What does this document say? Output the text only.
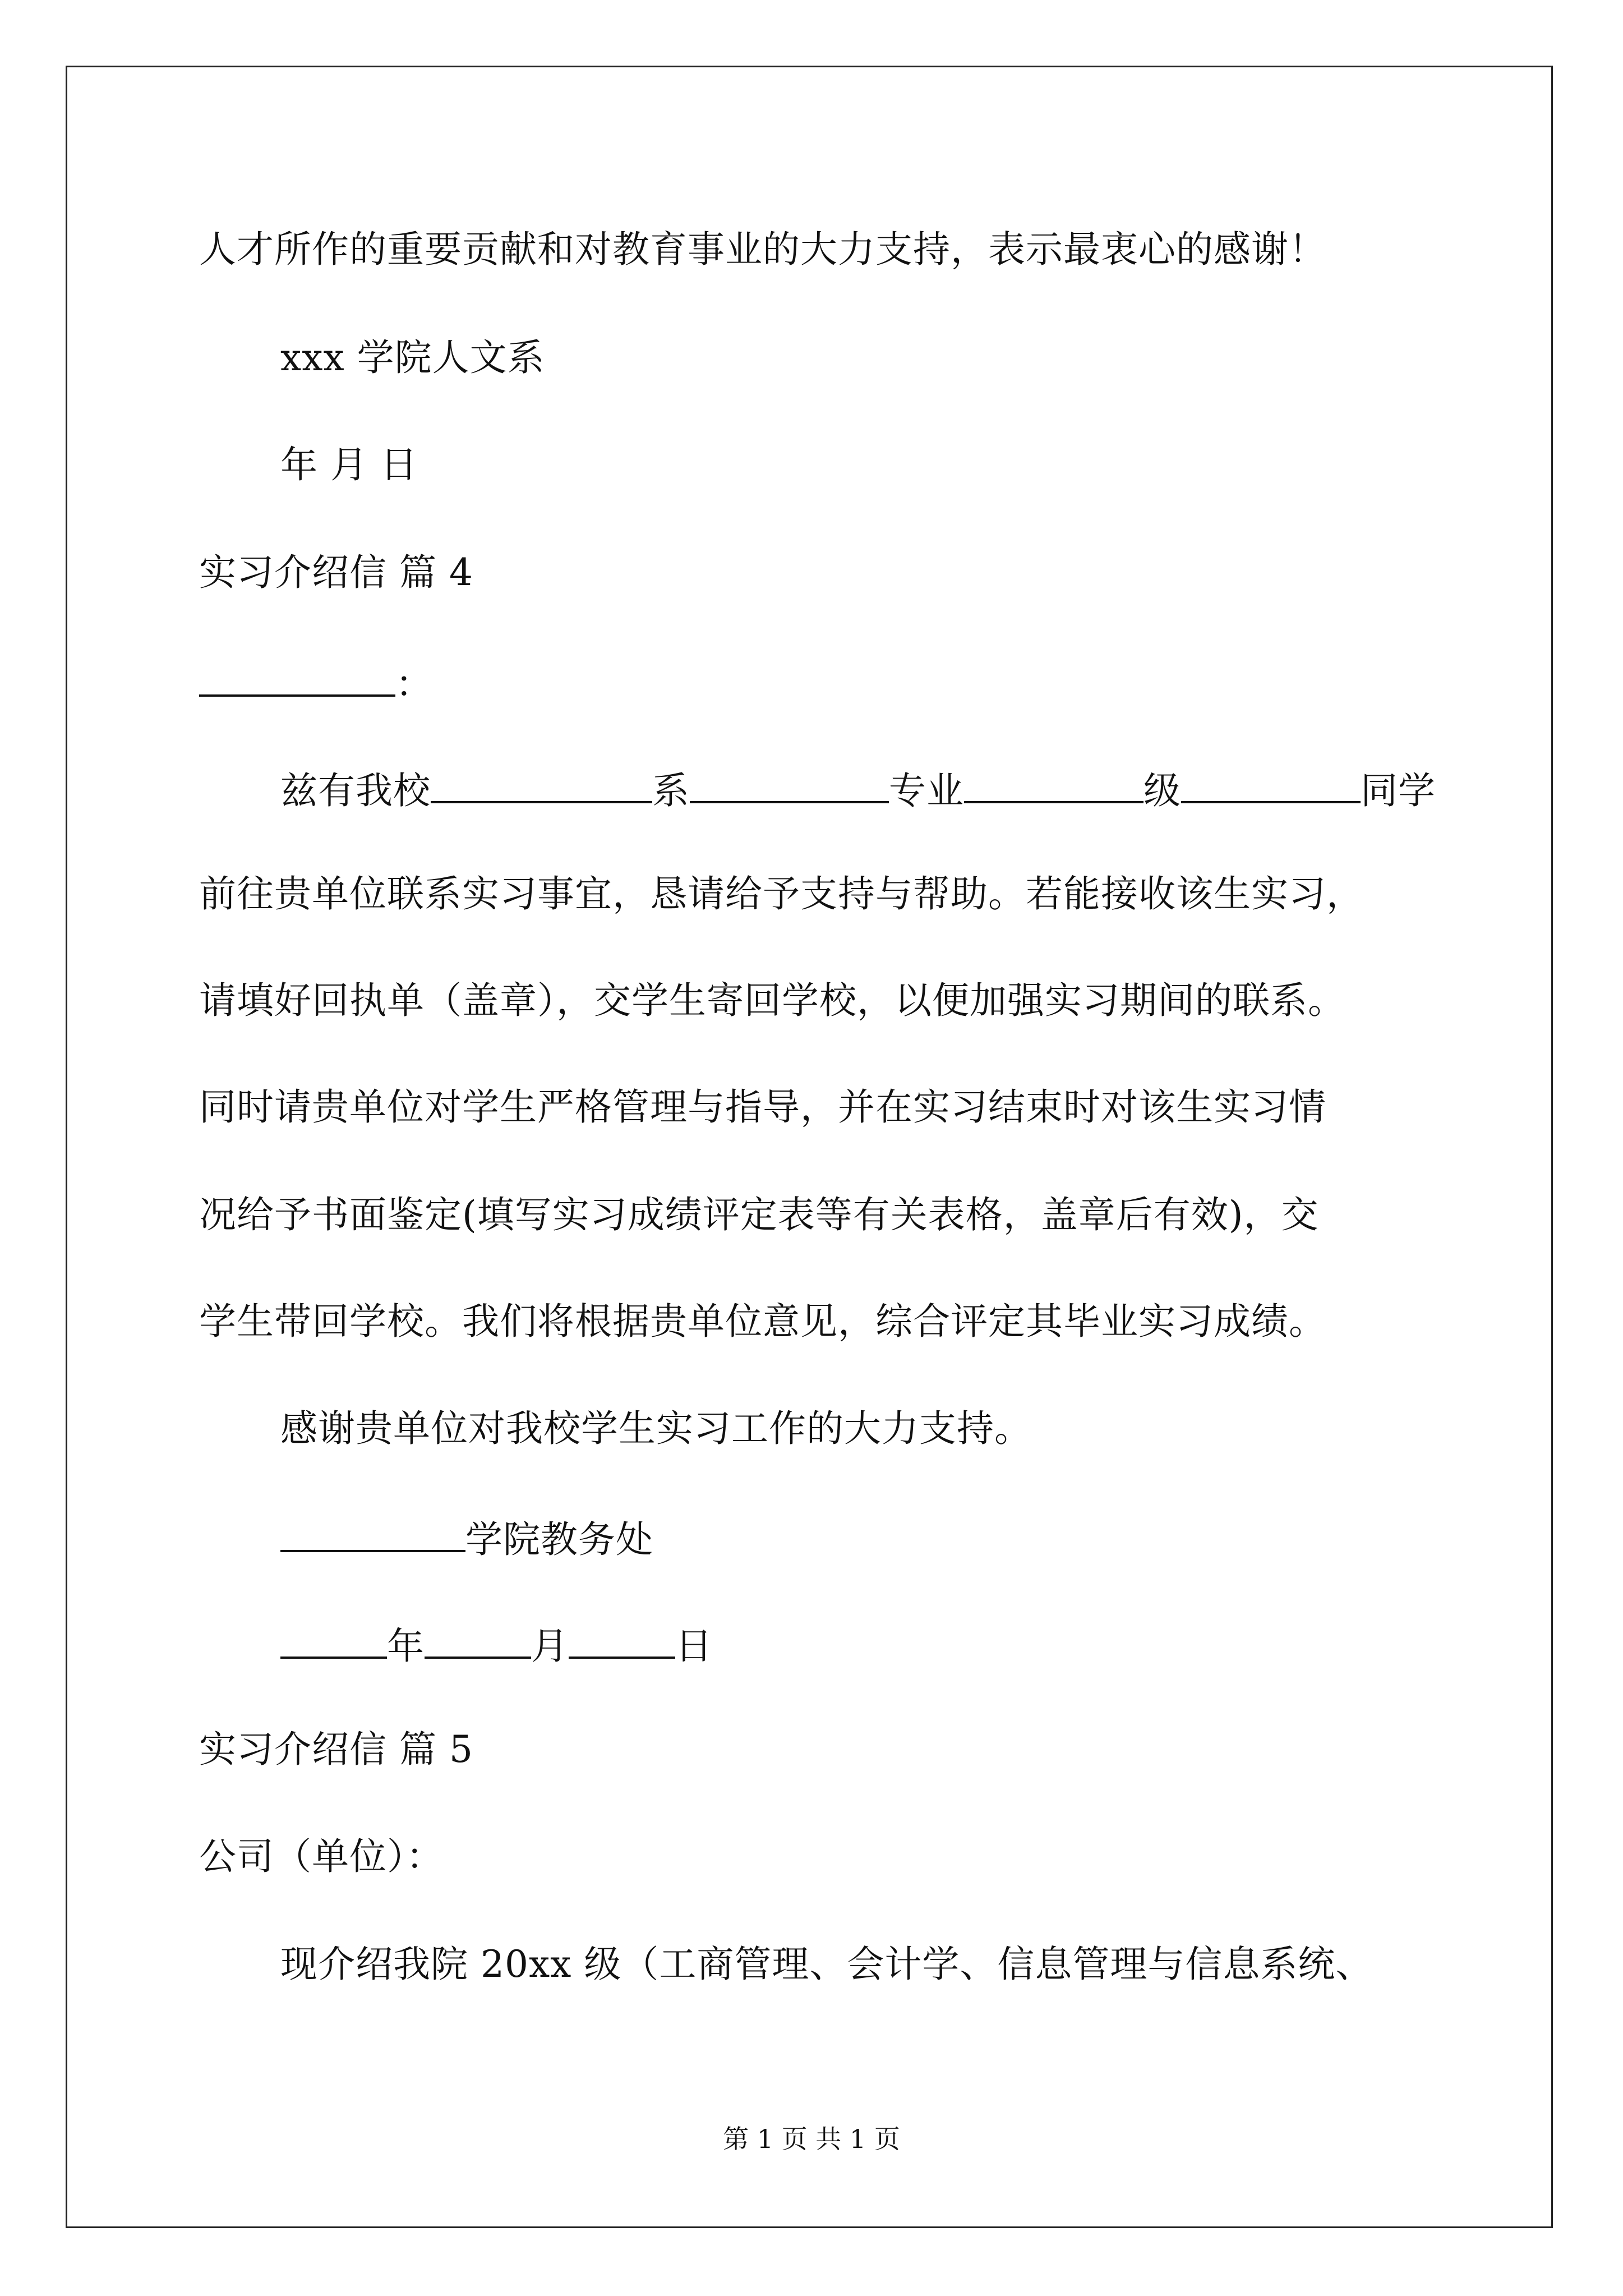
人才所作的重要贡献和对教育事业的大力支持，表示最衷心的感谢！
xxx 学院人文系
年 月 日
实习介绍信 篇 4
：
兹有我校	系	专业	级	同学
前往贵单位联系实习事宜，恳请给予支持与帮助。若能接收该生实习，
请填好回执单（盖章），交学生寄回学校，以便加强实习期间的联系。
同时请贵单位对学生严格管理与指导，并在实习结束时对该生实习情
况给予书面鉴定(填写实习成绩评定表等有关表格，盖章后有效)，交
学生带回学校。我们将根据贵单位意见，综合评定其毕业实习成绩。
感谢贵单位对我校学生实习工作的大力支持。
学院教务处
年	月	日
实习介绍信 篇 5
公司（单位）：
现介绍我院 20xx 级（工商管理、会计学、信息管理与信息系统、
第 1 页 共 1 页
